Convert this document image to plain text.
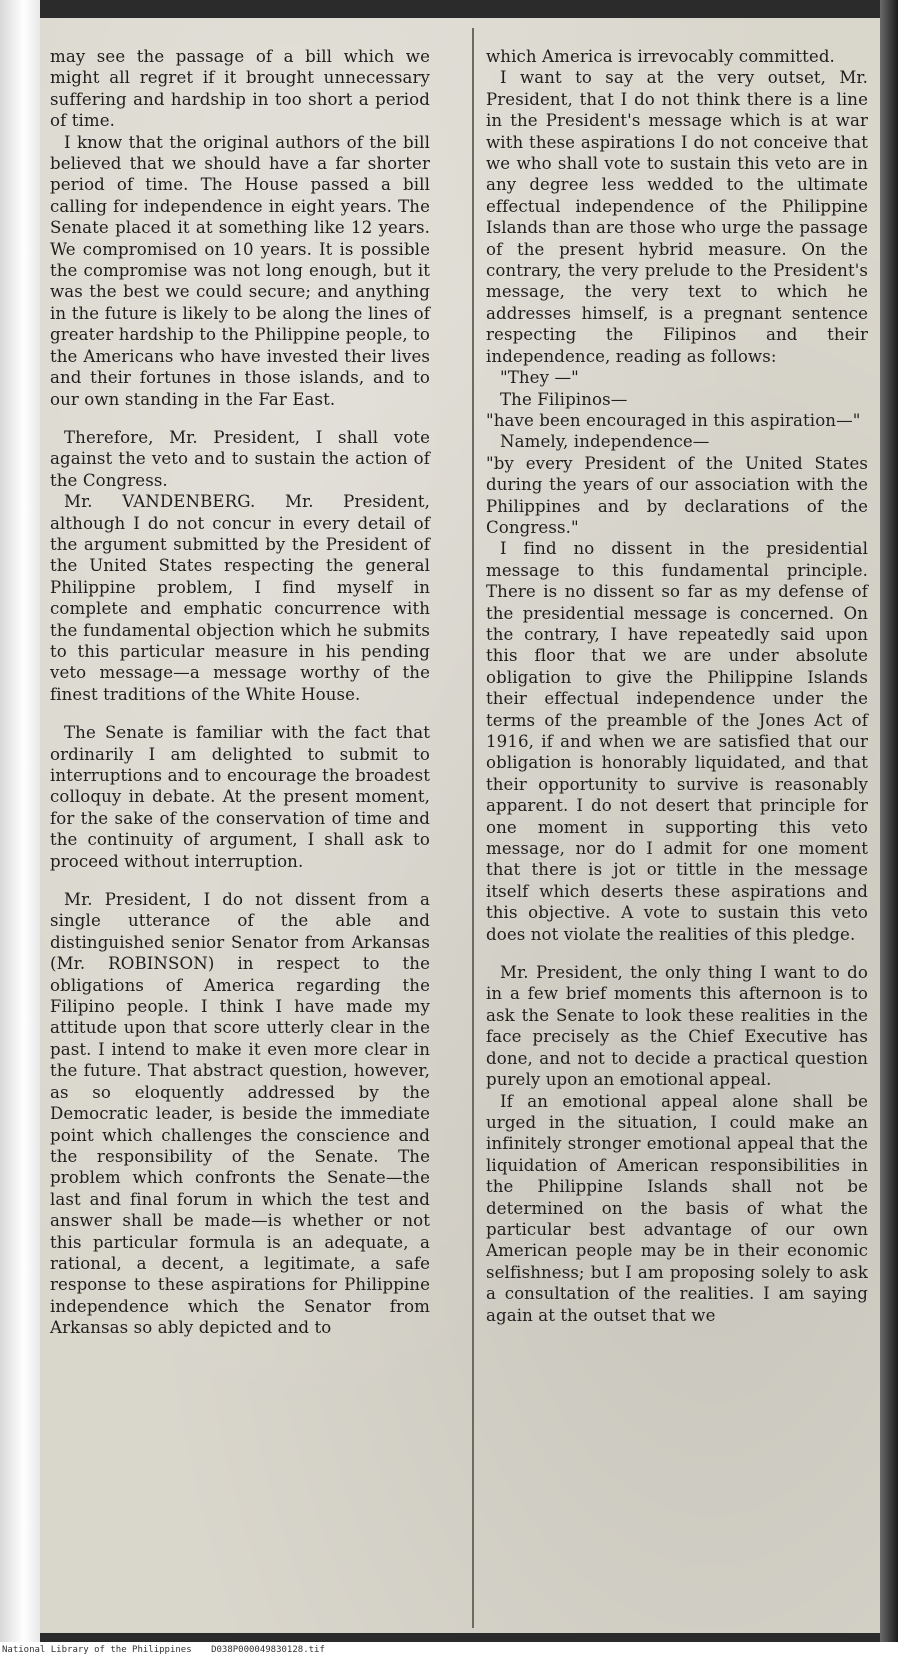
may see the passage of a bill which we might all regret if it brought unnecessary suffering and hardship in too short a period of time.

I know that the original authors of the bill believed that we should have a far shorter period of time. The House passed a bill calling for independence in eight years. The Senate placed it at something like 12 years. We compromised on 10 years. It is possible the compromise was not long enough, but it was the best we could secure; and anything in the future is likely to be along the lines of greater hardship to the Philippine people, to the Americans who have invested their lives and their fortunes in those islands, and to our own standing in the Far East.

Therefore, Mr. President, I shall vote against the veto and to sustain the action of the Congress.

Mr. VANDENBERG. Mr. President, although I do not concur in every detail of the argument submitted by the President of the United States respecting the general Philippine problem, I find myself in complete and emphatic concurrence with the fundamental objection which he submits to this particular measure in his pending veto message—a message worthy of the finest traditions of the White House.

The Senate is familiar with the fact that ordinarily I am delighted to submit to interruptions and to encourage the broadest colloquy in debate. At the present moment, for the sake of the conservation of time and the continuity of argument, I shall ask to proceed without interruption.

Mr. President, I do not dissent from a single utterance of the able and distinguished senior Senator from Arkansas (Mr. ROBINSON) in respect to the obligations of America regarding the Filipino people. I think I have made my attitude upon that score utterly clear in the past. I intend to make it even more clear in the future. That abstract question, however, as so eloquently addressed by the Democratic leader, is beside the immediate point which challenges the conscience and the responsibility of the Senate. The problem which confronts the Senate—the last and final forum in which the test and answer shall be made—is whether or not this particular formula is an adequate, a rational, a decent, a legitimate, a safe response to these aspirations for Philippine independence which the Senator from Arkansas so ably depicted and to

which America is irrevocably committed.

I want to say at the very outset, Mr. President, that I do not think there is a line in the President's message which is at war with these aspirations I do not conceive that we who shall vote to sustain this veto are in any degree less wedded to the ultimate effectual independence of the Philippine Islands than are those who urge the passage of the present hybrid measure. On the contrary, the very prelude to the President's message, the very text to which he addresses himself, is a pregnant sentence respecting the Filipinos and their independence, reading as follows:

"They —"

The Filipinos—

"have been encouraged in this aspiration—"

Namely, independence—

"by every President of the United States during the years of our association with the Philippines and by declarations of the Congress."

I find no dissent in the presidential message to this fundamental principle. There is no dissent so far as my defense of the presidential message is concerned. On the contrary, I have repeatedly said upon this floor that we are under absolute obligation to give the Philippine Islands their effectual independence under the terms of the preamble of the Jones Act of 1916, if and when we are satisfied that our obligation is honorably liquidated, and that their opportunity to survive is reasonably apparent. I do not desert that principle for one moment in supporting this veto message, nor do I admit for one moment that there is jot or tittle in the message itself which deserts these aspirations and this objective. A vote to sustain this veto does not violate the realities of this pledge.

Mr. President, the only thing I want to do in a few brief moments this afternoon is to ask the Senate to look these realities in the face precisely as the Chief Executive has done, and not to decide a practical question purely upon an emotional appeal.

If an emotional appeal alone shall be urged in the situation, I could make an infinitely stronger emotional appeal that the liquidation of American responsibilities in the Philippine Islands shall not be determined on the basis of what the particular best advantage of our own American people may be in their economic selfishness; but I am proposing solely to ask a consultation of the realities. I am saying again at the outset that we

National Library of the Philippines D038P000049830128.tif
